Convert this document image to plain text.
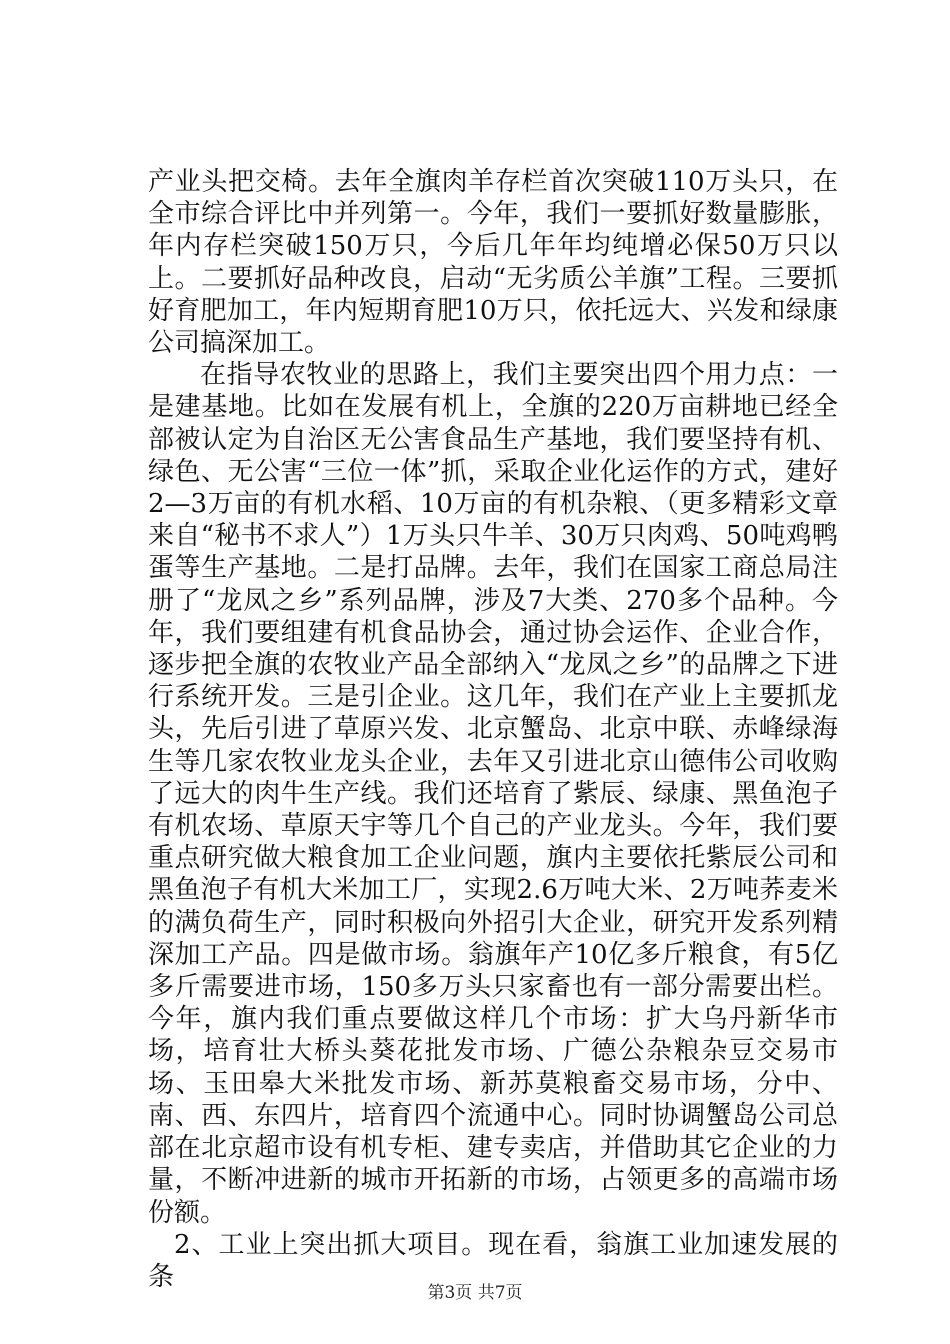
产业头把交椅。去年全旗肉羊存栏首次突破110万头只，在全市综合评比中并列第一。今年，我们一要抓好数量膨胀，年内存栏突破150万只，今后几年年均纯增必保50万只以上。二要抓好品种改良，启动“无劣质公羊旗”工程。三要抓好育肥加工，年内短期育肥10万只，依托远大、兴发和绿康公司搞深加工。

在指导农牧业的思路上，我们主要突出四个用力点：一是建基地。比如在发展有机上，全旗的220万亩耕地已经全部被认定为自治区无公害食品生产基地，我们要坚持有机、绿色、无公害“三位一体”抓，采取企业化运作的方式，建好2—3万亩的有机水稻、10万亩的有机杂粮、（更多精彩文章来自“秘书不求人”）1万头只牛羊、30万只肉鸡、50吨鸡鸭蛋等生产基地。二是打品牌。去年，我们在国家工商总局注册了“龙凤之乡”系列品牌，涉及7大类、270多个品种。今年，我们要组建有机食品协会，通过协会运作、企业合作，逐步把全旗的农牧业产品全部纳入“龙凤之乡”的品牌之下进行系统开发。三是引企业。这几年，我们在产业上主要抓龙头，先后引进了草原兴发、北京蟹岛、北京中联、赤峰绿海生等几家农牧业龙头企业，去年又引进北京山德伟公司收购了远大的肉牛生产线。我们还培育了紫辰、绿康、黑鱼泡子有机农场、草原天宇等几个自己的产业龙头。今年，我们要重点研究做大粮食加工企业问题，旗内主要依托紫辰公司和黑鱼泡子有机大米加工厂，实现2.6万吨大米、2万吨荞麦米的满负荷生产，同时积极向外招引大企业，研究开发系列精深加工产品。四是做市场。翁旗年产10亿多斤粮食，有5亿多斤需要进市场，150多万头只家畜也有一部分需要出栏。今年，旗内我们重点要做这样几个市场：扩大乌丹新华市场，培育壮大桥头葵花批发市场、广德公杂粮杂豆交易市场、玉田皋大米批发市场、新苏莫粮畜交易市场，分中、南、西、东四片，培育四个流通中心。同时协调蟹岛公司总部在北京超市设有机专柜、建专卖店，并借助其它企业的力量，不断冲进新的城市开拓新的市场，占领更多的高端市场份额。

2、工业上突出抓大项目。现在看，翁旗工业加速发展的条

第3页 共7页
